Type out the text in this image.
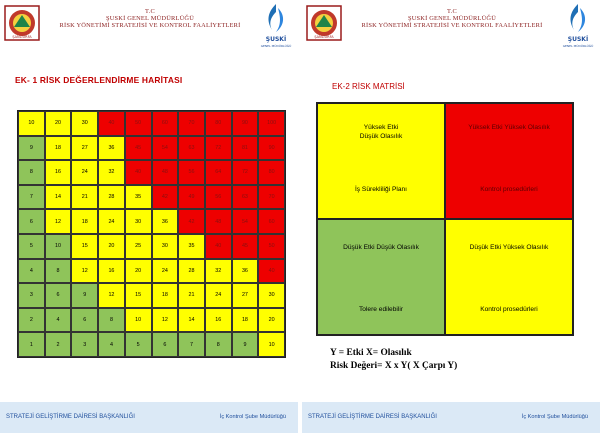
ŞANLIURFA
T.C
ŞUSKİ GENEL MÜDÜRLÜĞÜ
RİSK YÖNETİMİ STRATEJİSİ VE KONTROL FAALİYETLERİ
ŞUSKİ
GENEL MÜDÜRLÜĞÜ
EK- 1 RİSK DEĞERLENDİRME HARİTASI
10	20	30	40	50	60	70	80	90	100
9	18	27	36	45	54	63	72	81	90
8	16	24	32	40	48	56	64	72	80
7	14	21	28	35	42	49	56	63	70
6	12	18	24	30	36	42	48	54	60
5	10	15	20	25	30	35	40	45	50
4	8	12	16	20	24	28	32	36	40
3	6	9	12	15	18	21	24	27	30
2	4	6	8	10	12	14	16	18	20
1	2	3	4	5	6	7	8	9	10
STRATEJİ GELİŞTİRME DAİRESİ BAŞKANLIĞI	İç Kontrol Şube Müdürlüğü
ŞANLIURFA
T.C
ŞUSKİ GENEL MÜDÜRLÜĞÜ
RİSK YÖNETİMİ STRATEJİSİ VE KONTROL FAALİYETLERİ
ŞUSKİ
GENEL MÜDÜRLÜĞÜ
EK-2 RİSK MATRİSİ
Yüksek Etki
Düşük Olasılık
İş Sürekliliği Planı
Yüksek Etki Yüksek Olasılık
Kontrol prosedürleri
Düşük Etki Düşük Olasılık
Tolere edilebilir
Düşük Etki Yüksek Olasılık
Kontrol prosedürleri
Y = Etki X= Olasılık
Risk Değeri= X x Y( X Çarpı Y)
STRATEJİ GELİŞTİRME DAİRESİ BAŞKANLIĞI	İç Kontrol Şube Müdürlüğü
